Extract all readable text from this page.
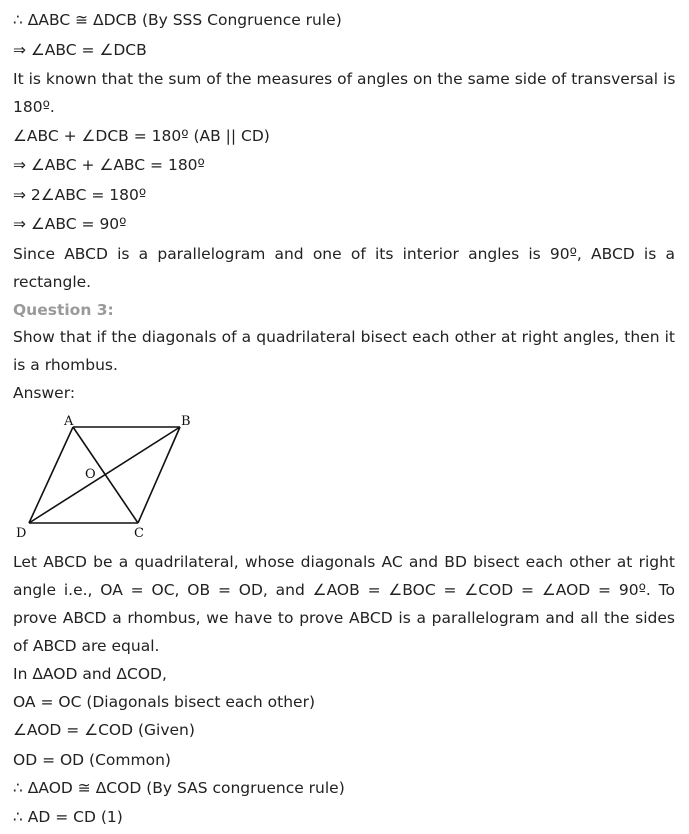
∴ ΔABC ≅ ΔDCB (By SSS Congruence rule)
⇒ ∠ABC = ∠DCB
It is known that the sum of the measures of angles on the same side of transversal is
180º.
∠ABC + ∠DCB = 180º (AB || CD)
⇒ ∠ABC + ∠ABC = 180º
⇒ 2∠ABC = 180º
⇒ ∠ABC = 90º
Since ABCD is a parallelogram and one of its interior angles is 90º, ABCD is a
rectangle.
Question 3:
Show that if the diagonals of a quadrilateral bisect each other at right angles, then it
is a rhombus.
Answer:
A	B
C
D
O
Let ABCD be a quadrilateral, whose diagonals AC and BD bisect each other at right
angle i.e., OA = OC, OB = OD, and ∠AOB = ∠BOC = ∠COD = ∠AOD = 90º. To
prove ABCD a rhombus, we have to prove ABCD is a parallelogram and all the sides
of ABCD are equal.
In ΔAOD and ΔCOD,
OA = OC (Diagonals bisect each other)
∠AOD = ∠COD (Given)
OD = OD (Common)
∴ ΔAOD ≅ ΔCOD (By SAS congruence rule)
∴ AD = CD (1)
